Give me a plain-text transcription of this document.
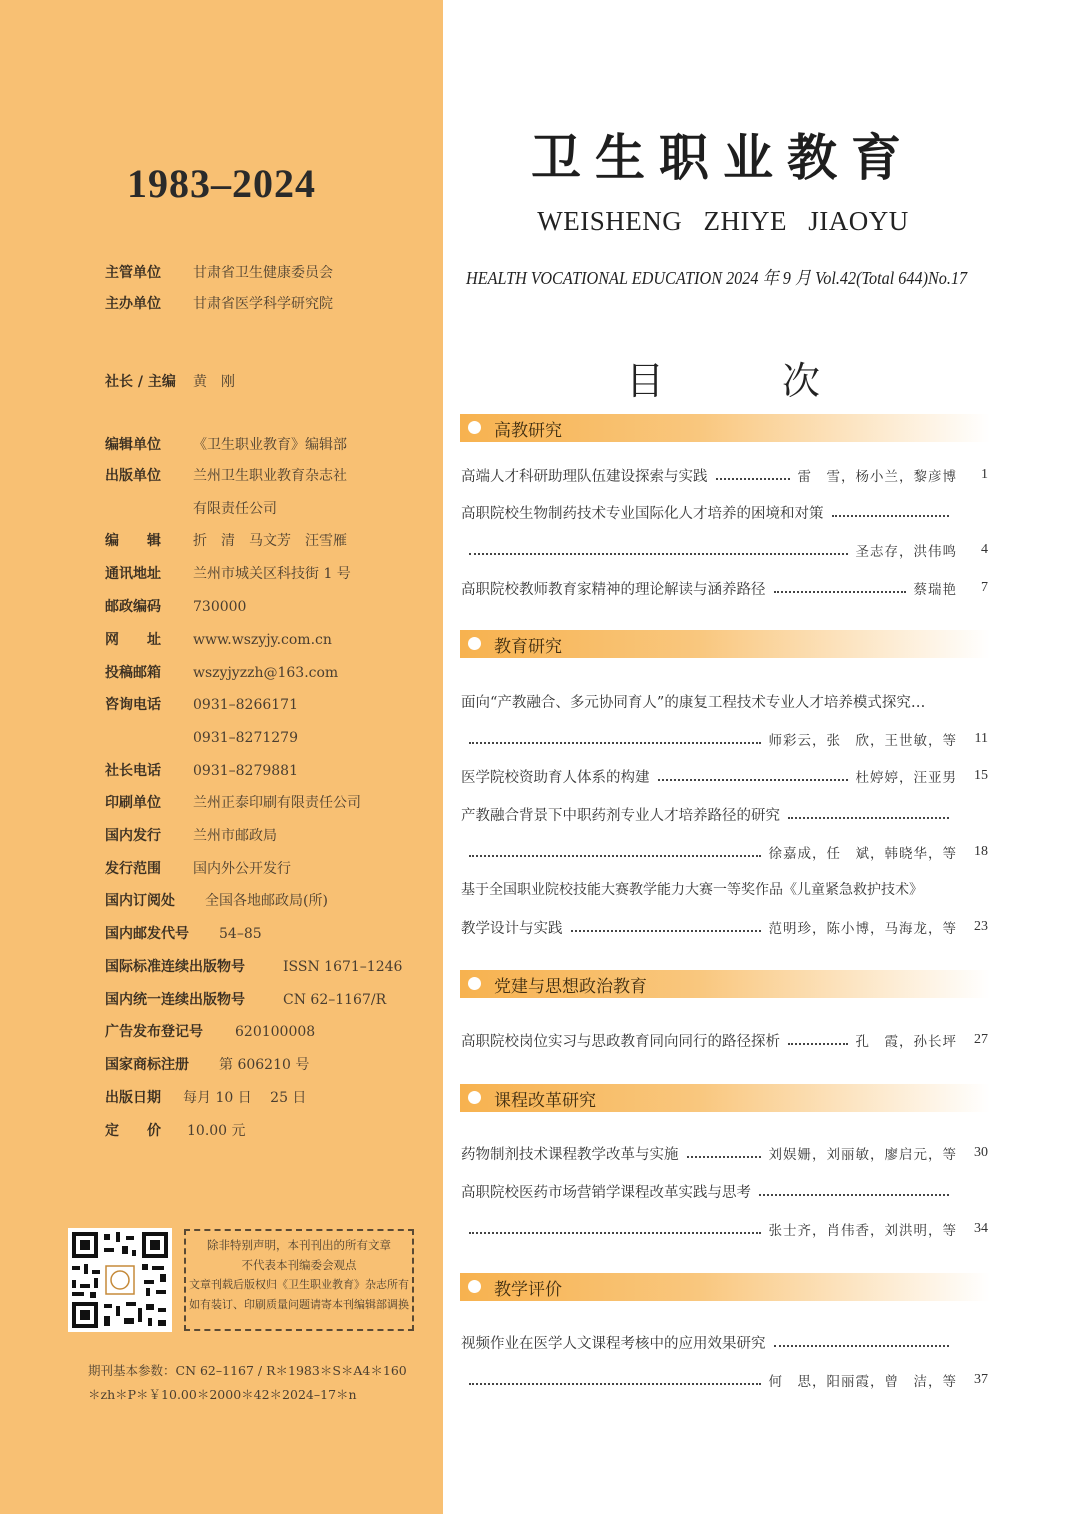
1983–2024
主管单位 甘肃省卫生健康委员会
主办单位 甘肃省医学科学研究院
社长 / 主编 黄　刚
编辑单位 《卫生职业教育》编辑部
出版单位 兰州卫生职业教育杂志社
有限责任公司
编　　辑 折　清　马文芳　汪雪雁
通讯地址 兰州市城关区科技街 1 号
邮政编码 730000
网　　址 www.wszyjy.com.cn
投稿邮箱 wszyjyzzh@163.com
咨询电话 0931–8266171
0931–8271279
社长电话 0931–8279881
印刷单位 兰州正泰印刷有限责任公司
国内发行 兰州市邮政局
发行范围 国内外公开发行
国内订阅处 全国各地邮政局(所)
国内邮发代号 54–85
国际标准连续出版物号	ISSN 1671–1246
国内统一连续出版物号	CN 62–1167/R
广告发布登记号 620100008
国家商标注册 第 606210 号
出版日期 每月 10 日　 25 日
定　　价 10.00 元
除非特别声明，本刊刊出的所有文章
不代表本刊编委会观点
文章刊载后版权归《卫生职业教育》杂志所有
如有装订、印刷质量问题请寄本刊编辑部调换
期刊基本参数：CN 62–1167 / R＊1983＊S＊A4＊160
＊zh＊P＊￥10.00＊2000＊42＊2024–17＊n
卫生职业教育
WEISHENG ZHIYE JIAOYU
HEALTH VOCATIONAL EDUCATION 2024 年 9 月 Vol.42(Total 644)No.17
目　次
高教研究
教育研究
党建与思想政治教育
课程改革研究
教学评价
高端人才科研助理队伍建设探索与实践	雷　雪，杨小兰，黎彦博	1
高职院校生物制药技术专业国际化人才培养的困境和对策
圣志存，洪伟鸣	4
高职院校教师教育家精神的理论解读与涵养路径	蔡瑞艳	7
面向“产教融合、多元协同育人”的康复工程技术专业人才培养模式探究…
师彩云，张　欣，王世敏，等	11
医学院校资助育人体系的构建	杜婷婷，汪亚男	15
产教融合背景下中职药剂专业人才培养路径的研究
徐嘉成，任　斌，韩晓华，等	18
基于全国职业院校技能大赛教学能力大赛一等奖作品《儿童紧急救护技术》
教学设计与实践	范明珍，陈小博，马海龙，等	23
高职院校岗位实习与思政教育同向同行的路径探析	孔　霞，孙长坪	27
药物制剂技术课程教学改革与实施	刘娱姗，刘丽敏，廖启元，等	30
高职院校医药市场营销学课程改革实践与思考
张士齐，肖伟香，刘洪明，等	34
视频作业在医学人文课程考核中的应用效果研究
何　思，阳丽霞，曾　洁，等	37
